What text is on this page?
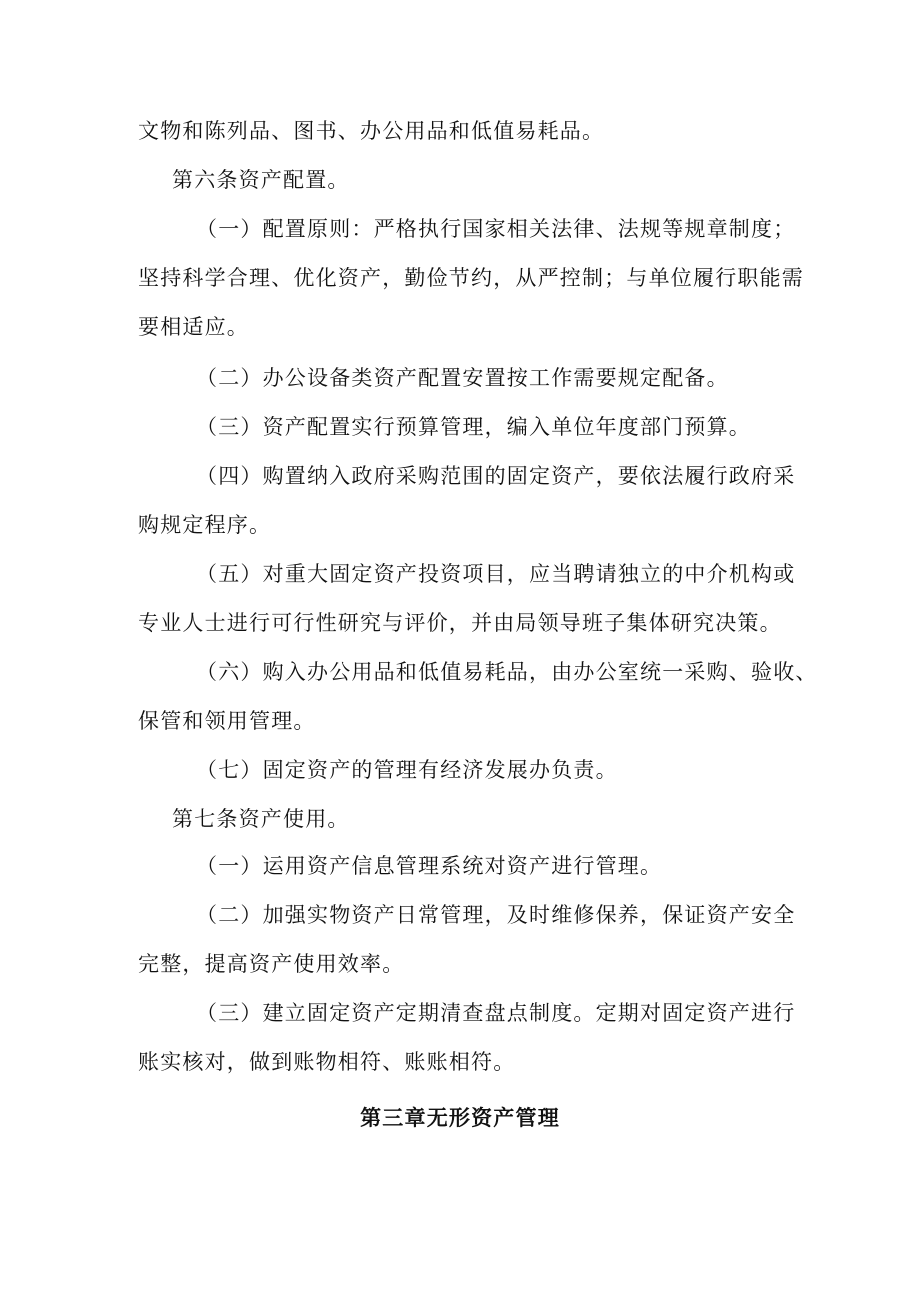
文物和陈列品、图书、办公用品和低值易耗品。
第六条资产配置。
（一）配置原则：严格执行国家相关法律、法规等规章制度；
坚持科学合理、优化资产，勤俭节约，从严控制；与单位履行职能需
要相适应。
（二）办公设备类资产配置安置按工作需要规定配备。
（三）资产配置实行预算管理，编入单位年度部门预算。
（四）购置纳入政府采购范围的固定资产，要依法履行政府采
购规定程序。
（五）对重大固定资产投资项目，应当聘请独立的中介机构或
专业人士进行可行性研究与评价，并由局领导班子集体研究决策。
（六）购入办公用品和低值易耗品，由办公室统一采购、验收、
保管和领用管理。
（七）固定资产的管理有经济发展办负责。
第七条资产使用。
（一）运用资产信息管理系统对资产进行管理。
（二）加强实物资产日常管理，及时维修保养，保证资产安全
完整，提高资产使用效率。
（三）建立固定资产定期清查盘点制度。定期对固定资产进行
账实核对，做到账物相符、账账相符。
第三章无形资产管理
